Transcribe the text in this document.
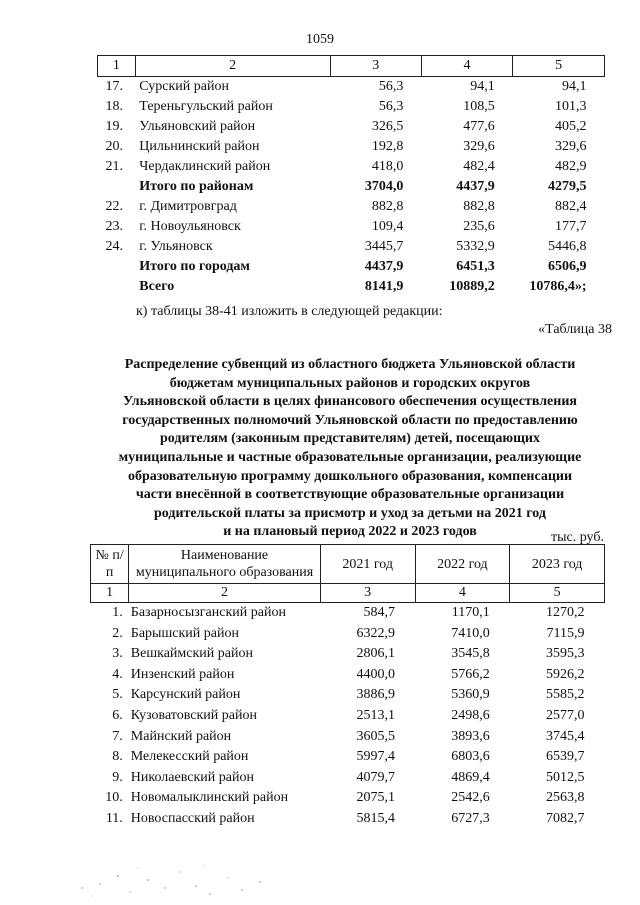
1059
1	2	3	4	5
17.	Сурский район	56,3	94,1	94,1
18.	Тереньгульский район	56,3	108,5	101,3
19.	Ульяновский район	326,5	477,6	405,2
20.	Цильнинский район	192,8	329,6	329,6
21.	Чердаклинский район	418,0	482,4	482,9
	Итого по районам	3704,0	4437,9	4279,5
22.	г. Димитровград	882,8	882,8	882,4
23.	г. Новоульяновск	109,4	235,6	177,7
24.	г. Ульяновск	3445,7	5332,9	5446,8
	Итого по городам	4437,9	6451,3	6506,9
	Всего	8141,9	10889,2	10786,4»;
к) таблицы 38-41 изложить в следующей редакции:
«Таблица 38
Распределение субвенций из областного бюджета Ульяновской области
бюджетам муниципальных районов и городских округов
Ульяновской области в целях финансового обеспечения осуществления
государственных полномочий Ульяновской области по предоставлению
родителям (законным представителям) детей, посещающих
муниципальные и частные образовательные организации, реализующие
образовательную программу дошкольного образования, компенсации
части внесённой в соответствующие образовательные организации
родительской платы за присмотр и уход за детьми на 2021 год
и на плановый период 2022 и 2023 годов	тыс. руб.
№ п/п	Наименование муниципального образования	2021 год	2022 год	2023 год
1	2	3	4	5
1.	Базарносызганский район	584,7	1170,1	1270,2
2.	Барышский район	6322,9	7410,0	7115,9
3.	Вешкаймский район	2806,1	3545,8	3595,3
4.	Инзенский район	4400,0	5766,2	5926,2
5.	Карсунский район	3886,9	5360,9	5585,2
6.	Кузоватовский район	2513,1	2498,6	2577,0
7.	Майнский район	3605,5	3893,6	3745,4
8.	Мелекесский район	5997,4	6803,6	6539,7
9.	Николаевский район	4079,7	4869,4	5012,5
10.	Новомалыклинский район	2075,1	2542,6	2563,8
11.	Новоспасский район	5815,4	6727,3	7082,7
